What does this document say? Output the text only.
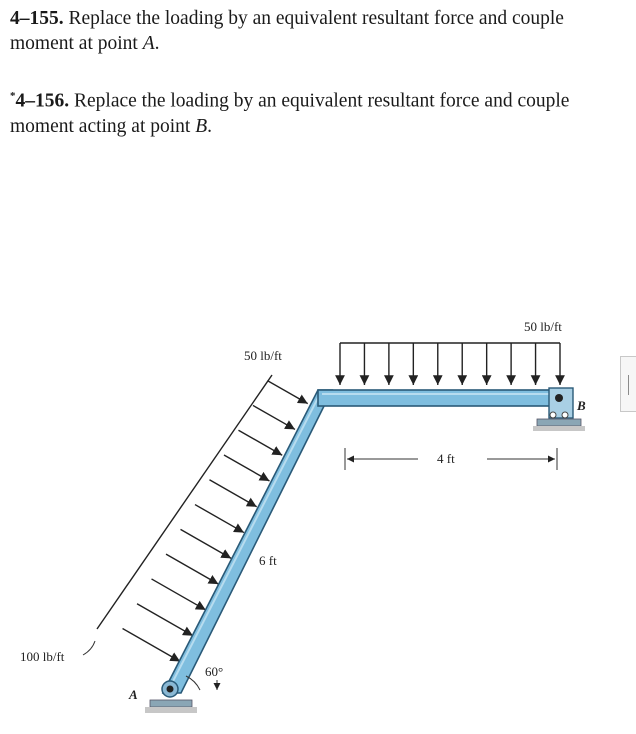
4–155. Replace the loading by an equivalent resultant force and couple moment at point A.
*4–156. Replace the loading by an equivalent resultant force and couple moment acting at point B.
50 lb/ft
50 lb/ft
100 lb/ft
6 ft
4 ft
60°
A
B
